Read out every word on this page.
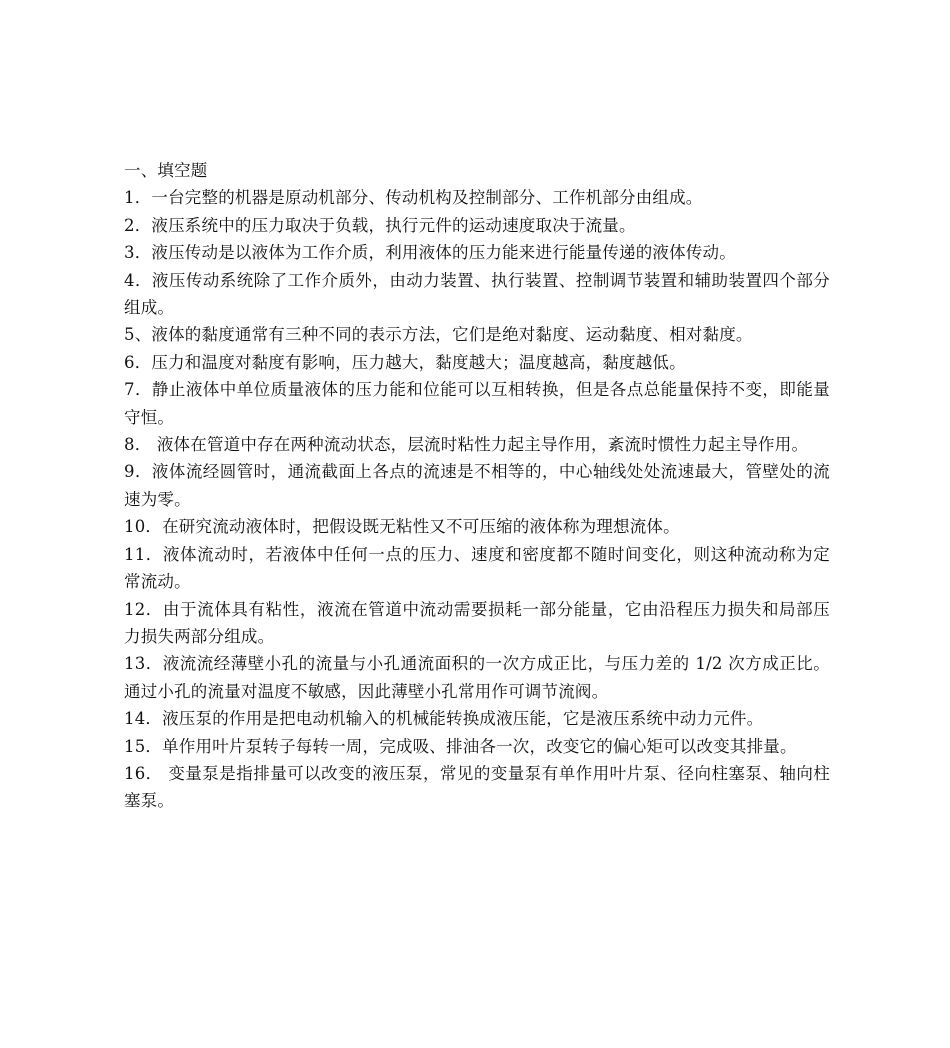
一、填空题

1．一台完整的机器是原动机部分、传动机构及控制部分、工作机部分由组成。

2．液压系统中的压力取决于负载，执行元件的运动速度取决于流量。

3．液压传动是以液体为工作介质，利用液体的压力能来进行能量传递的液体传动。

4．液压传动系统除了工作介质外，由动力装置、执行装置、控制调节装置和辅助装置四个部分组成。

5、液体的黏度通常有三种不同的表示方法，它们是绝对黏度、运动黏度、相对黏度。

6．压力和温度对黏度有影响，压力越大，黏度越大；温度越高，黏度越低。

7．静止液体中单位质量液体的压力能和位能可以互相转换，但是各点总能量保持不变，即能量守恒。

8． 液体在管道中存在两种流动状态，层流时粘性力起主导作用，紊流时惯性力起主导作用。

9．液体流经圆管时，通流截面上各点的流速是不相等的，中心轴线处处流速最大，管壁处的流速为零。

10．在研究流动液体时，把假设既无粘性又不可压缩的液体称为理想流体。

11．液体流动时，若液体中任何一点的压力、速度和密度都不随时间变化，则这种流动称为定常流动。

12．由于流体具有粘性，液流在管道中流动需要损耗一部分能量，它由沿程压力损失和局部压力损失两部分组成。

13．液流流经薄壁小孔的流量与小孔通流面积的一次方成正比，与压力差的 1/2 次方成正比。通过小孔的流量对温度不敏感，因此薄壁小孔常用作可调节流阀。

14．液压泵的作用是把电动机输入的机械能转换成液压能，它是液压系统中动力元件。

15．单作用叶片泵转子每转一周，完成吸、排油各一次，改变它的偏心矩可以改变其排量。

16． 变量泵是指排量可以改变的液压泵，常见的变量泵有单作用叶片泵、径向柱塞泵、轴向柱塞泵。
